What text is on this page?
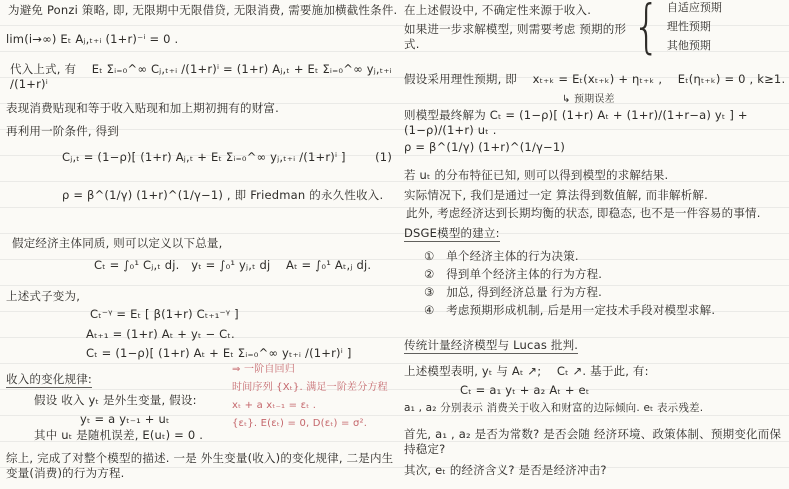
为避免 Ponzi 策略, 即, 无限期中无限借贷, 无限消费, 需要施加横截性条件.
lim(i→∞) Eₜ Aⱼ,ₜ₊ᵢ (1+r)⁻ⁱ = 0 .
代入上式, 有　 Eₜ Σᵢ₌₀^∞ Cⱼ,ₜ₊ᵢ /(1+r)ⁱ = (1+r) Aⱼ,ₜ + Eₜ Σᵢ₌₀^∞ yⱼ,ₜ₊ᵢ /(1+r)ⁱ
表现消费贴现和等于收入贴现和加上期初拥有的财富.
再利用一阶条件, 得到
Cⱼ,ₜ = (1−ρ)[ (1+r) Aⱼ,ₜ + Eₜ Σᵢ₌₀^∞ yⱼ,ₜ₊ᵢ /(1+r)ⁱ ]	(1)
ρ = β^(1/γ) (1+r)^(1/γ−1) , 即 Friedman 的永久性收入.
假定经济主体同质, 则可以定义以下总量,
Cₜ = ∫₀¹ Cⱼ,ₜ dj.　yₜ = ∫₀¹ yⱼ,ₜ dj　 Aₜ = ∫₀¹ Aₜ,ⱼ dj.
上述式子变为,
Cₜ⁻ᵞ = Eₜ [ β(1+r) Cₜ₊₁⁻ᵞ ]
Aₜ₊₁ = (1+r) Aₜ + yₜ − Cₜ.
Cₜ = (1−ρ)[ (1+r) Aₜ + Eₜ Σᵢ₌₀^∞ yₜ₊ᵢ /(1+r)ⁱ ]
收入的变化规律:
假设 收入 yₜ 是外生变量, 假设:
yₜ = a yₜ₋₁ + uₜ
其中 uₜ 是随机误差, E(uₜ) = 0 .
综上, 完成了对整个模型的描述. 一是 外生变量(收入)的变化规律, 二是内生变量(消费)的行为方程.
⇒ 一阶自回归
时间序列 {Xₜ}. 满足一阶差分方程
xₜ + a xₜ₋₁ = εₜ .
{εₜ}. E(εₜ) = 0, D(εₜ) = σ².
在上述假设中, 不确定性来源于收入.
如果进一步求解模型, 则需要考虑 预期的形式.	{ 自适应预期
理性预期
其他预期
假设采用理性预期, 即　 xₜ₊ₖ = Eₜ(xₜ₊ₖ) + ηₜ₊ₖ ,　 Eₜ(ηₜ₊ₖ) = 0 , k≥1.
↳ 预期误差
则模型最终解为 Cₜ = (1−ρ)[ (1+r) Aₜ + (1+r)/(1+r−a) yₜ ] + (1−ρ)/(1+r) uₜ .
ρ = β^(1/γ) (1+r)^(1/γ−1)
若 uₜ 的分布特征已知, 则可以得到模型的求解结果.
实际情况下, 我们是通过一定 算法得到数值解, 而非解析解.
此外, 考虑经济达到长期均衡的状态, 即稳态, 也不是一件容易的事情.
DSGE模型的建立:
①　单个经济主体的行为决策.
②　得到单个经济主体的行为方程.
③　加总, 得到经济总量 行为方程.
④　考虑预期形成机制, 后是用一定技术手段对模型求解.
传统计量经济模型与 Lucas 批判.
上述模型表明, yₜ 与 Aₜ ↗;　 Cₜ ↗. 基于此, 有:
Cₜ = a₁ yₜ + a₂ Aₜ + eₜ
a₁ , a₂ 分别表示 消费关于收入和财富的边际倾向. eₜ 表示残差.
首先, a₁ , a₂ 是否为常数? 是否会随 经济环境、政策体制、预期变化而保持稳定?
其次, eₜ 的经济含义? 是否是经济冲击?
